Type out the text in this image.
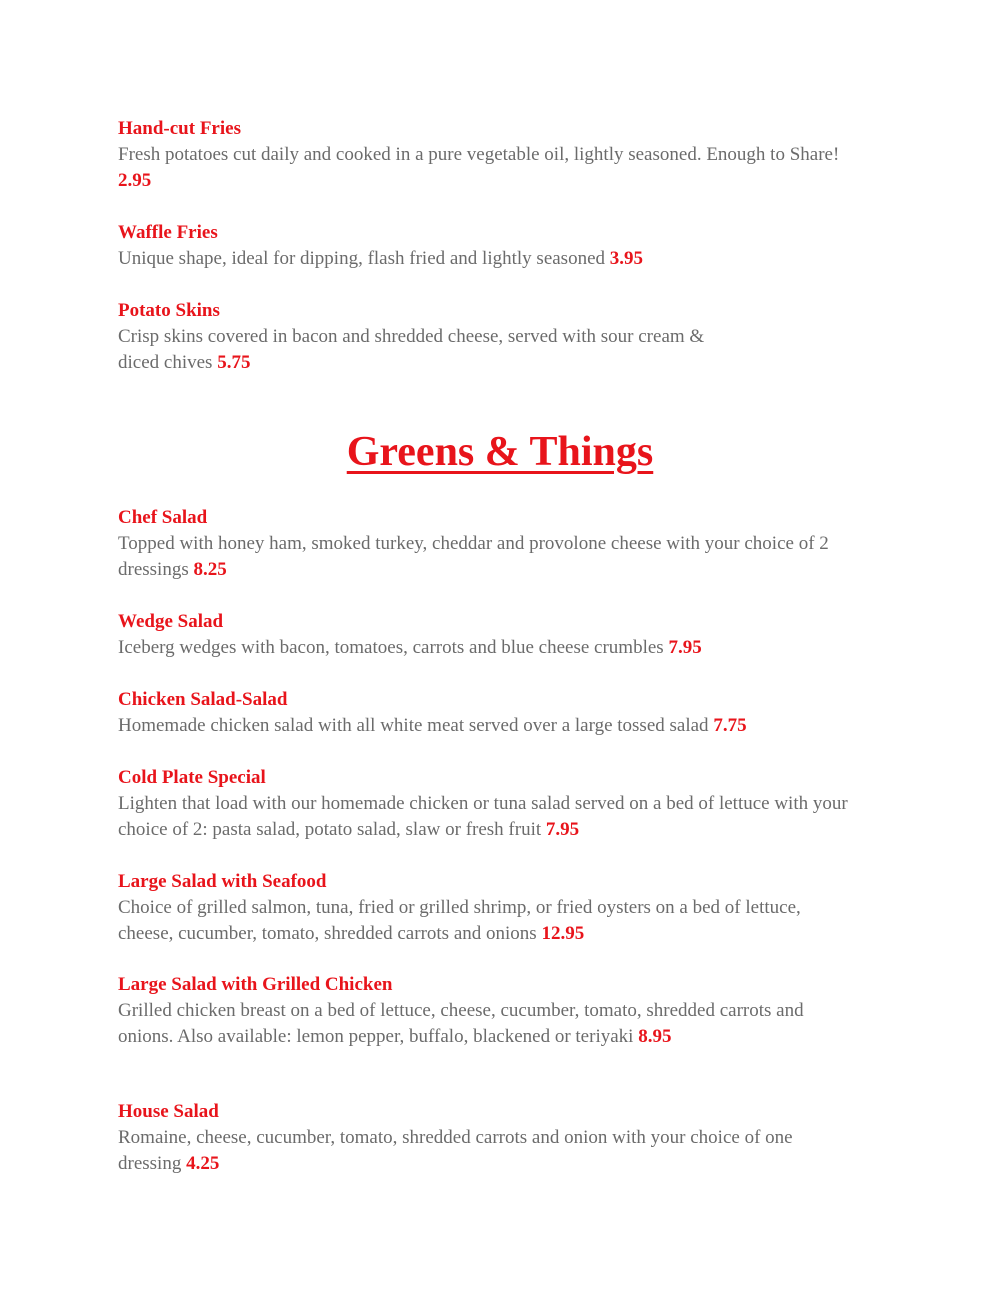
Hand-cut Fries

Fresh potatoes cut daily and cooked in a pure vegetable oil, lightly seasoned. Enough to Share!

2.95

Waffle Fries

Unique shape, ideal for dipping, flash fried and lightly seasoned 3.95

Potato Skins

Crisp skins covered in bacon and shredded cheese, served with sour cream &

diced chives 5.75

Greens & Things

Chef Salad

Topped with honey ham, smoked turkey, cheddar and provolone cheese with your choice of 2

dressings 8.25

Wedge Salad

Iceberg wedges with bacon, tomatoes, carrots and blue cheese crumbles 7.95

Chicken Salad-Salad

Homemade chicken salad with all white meat served over a large tossed salad 7.75

Cold Plate Special

Lighten that load with our homemade chicken or tuna salad served on a bed of lettuce with your

choice of 2: pasta salad, potato salad, slaw or fresh fruit 7.95

Large Salad with Seafood

Choice of grilled salmon, tuna, fried or grilled shrimp, or fried oysters on a bed of lettuce,

cheese, cucumber, tomato, shredded carrots and onions 12.95

Large Salad with Grilled Chicken

Grilled chicken breast on a bed of lettuce, cheese, cucumber, tomato, shredded carrots and

onions. Also available: lemon pepper, buffalo, blackened or teriyaki 8.95

House Salad

Romaine, cheese, cucumber, tomato, shredded carrots and onion with your choice of one

dressing 4.25
